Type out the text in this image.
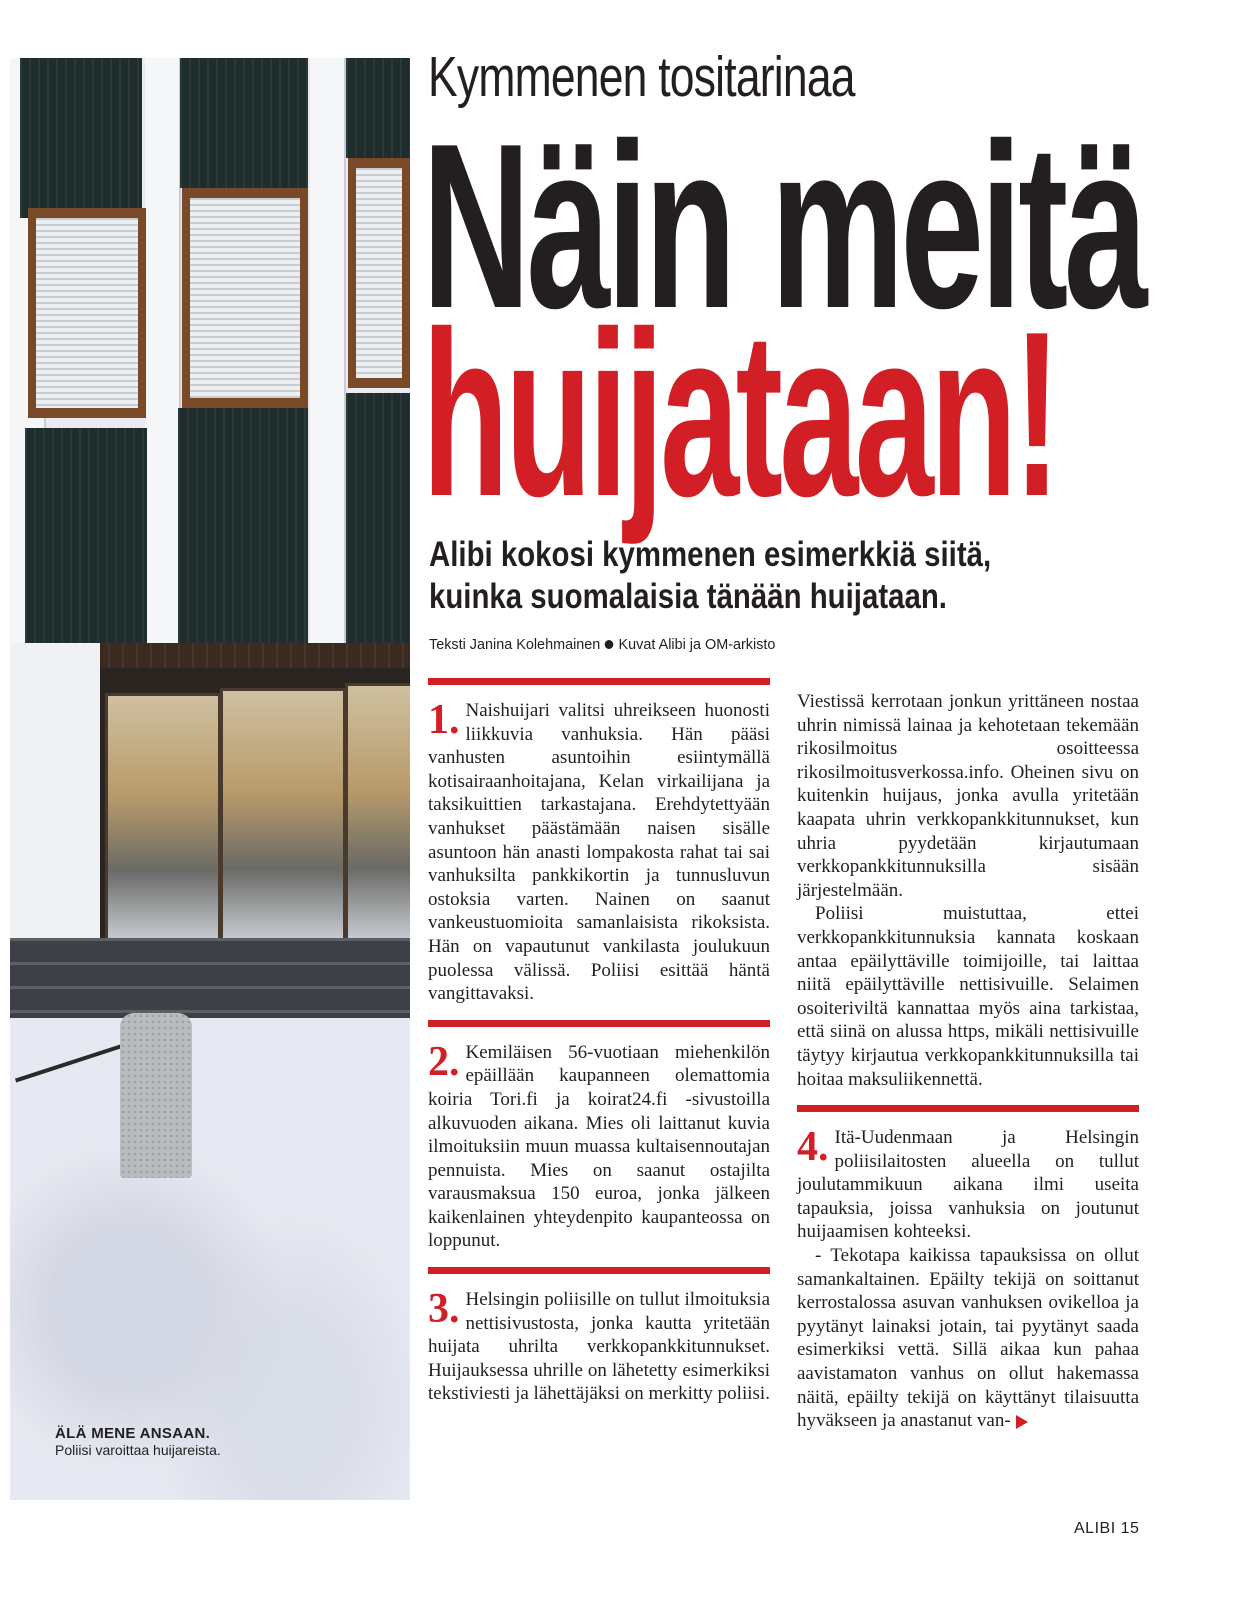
ÄLÄ MENE ANSAAN.
Poliisi varoittaa huijareista.
Kymmenen tositarinaa
Näin meitä
huijataan!
Alibi kokosi kymmenen esimerkkiä siitä,
kuinka suomalaisia tänään huijataan.
Teksti Janina Kolehmainen Kuvat Alibi ja OM-arkisto
1. Naishuijari valitsi uhreikseen huonosti liikkuvia vanhuksia. Hän pääsi vanhusten asuntoihin esiintymällä kotisairaanhoitajana, Kelan virkailijana ja taksikuittien tarkastajana. Erehdytettyään vanhukset päästämään naisen sisälle asuntoon hän anasti lompakosta rahat tai sai vanhuksilta pankkikortin ja tunnusluvun ostoksia varten. Nainen on saanut vankeustuomioita samanlaisista rikoksista. Hän on vapautunut vankilasta joulukuun puolessa välissä. Poliisi esittää häntä vangittavaksi.

2. Kemiläisen 56-vuotiaan miehenkilön epäillään kaupanneen olemattomia koiria Tori.fi ja koirat24.fi -sivustoilla alkuvuoden aikana. Mies oli laittanut kuvia ilmoituksiin muun muassa kultaisennoutajan pennuista. Mies on saanut ostajilta varausmaksua 150 euroa, jonka jälkeen kaikenlainen yhteydenpito kaupanteossa on loppunut.

3. Helsingin poliisille on tullut ilmoituksia nettisivustosta, jonka kautta yritetään huijata uhrilta verkkopankkitunnukset. Huijauksessa uhrille on lähetetty esimerkiksi tekstiviesti ja lähettäjäksi on merkitty poliisi.

Viestissä kerrotaan jonkun yrittäneen nostaa uhrin nimissä lainaa ja kehotetaan tekemään rikosilmoitus osoitteessa rikosilmoitusverkossa.info. Oheinen sivu on kuitenkin huijaus, jonka avulla yritetään kaapata uhrin verkkopankkitunnukset, kun uhria pyydetään kirjautumaan verkkopankkitunnuksilla sisään järjestelmään.

Poliisi muistuttaa, ettei verkkopankkitunnuksia kannata koskaan antaa epäilyttäville toimijoille, tai laittaa niitä epäilyttäville nettisivuille. Selaimen osoiteriviltä kannattaa myös aina tarkistaa, että siinä on alussa https, mikäli nettisivuille täytyy kirjautua verkkopankkitunnuksilla tai hoitaa maksuliikennettä.

4. Itä-Uudenmaan ja Helsingin poliisilaitosten alueella on tullut joulutammikuun aikana ilmi useita tapauksia, joissa vanhuksia on joutunut huijaamisen kohteeksi.

- Tekotapa kaikissa tapauksissa on ollut samankaltainen. Epäilty tekijä on soittanut kerrostalossa asuvan vanhuksen ovikelloa ja pyytänyt lainaksi jotain, tai pyytänyt saada esimerkiksi vettä. Sillä aikaa kun pahaa aavistamaton vanhus on ollut hakemassa näitä, epäilty tekijä on käyttänyt tilaisuutta hyväkseen ja anastanut van-

ALIBI 15
